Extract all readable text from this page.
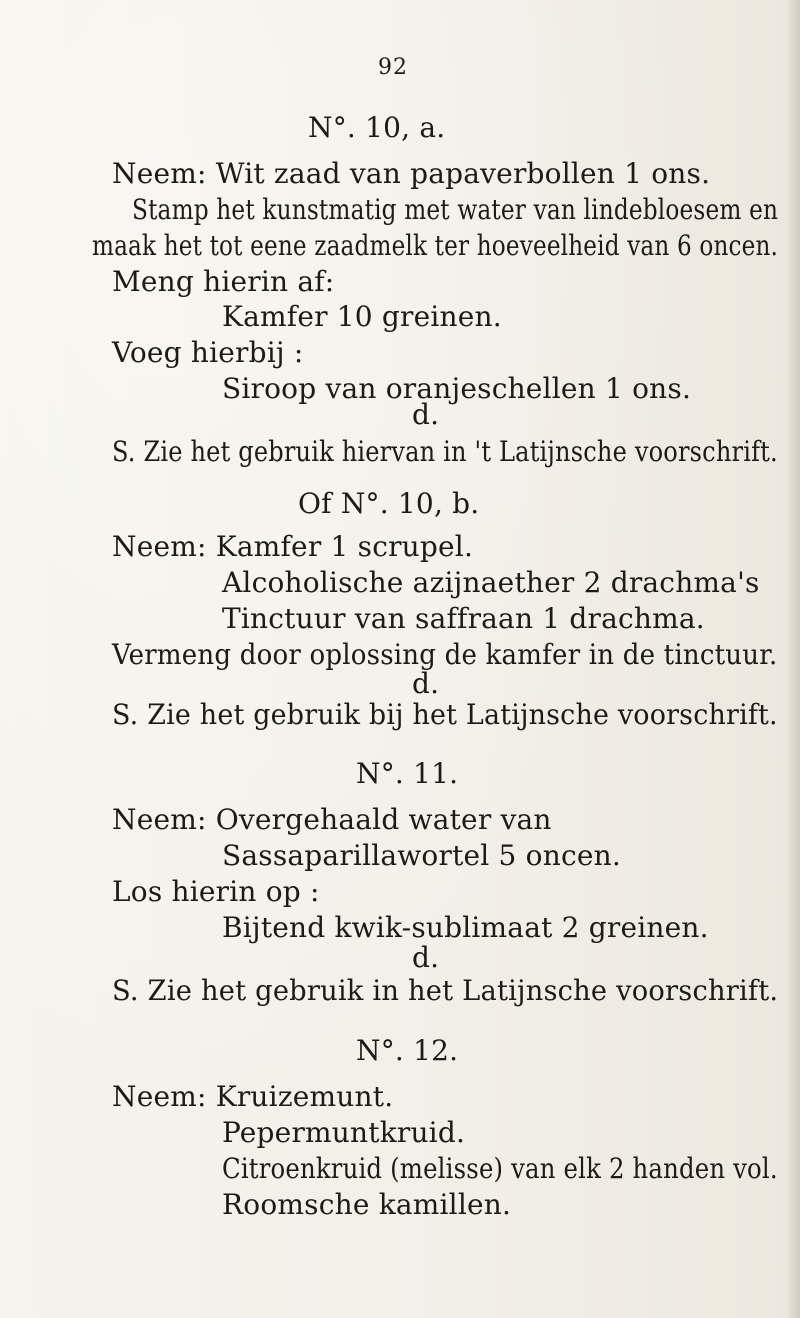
92
N°. 10, a.
Neem: Wit zaad van papaverbollen 1 ons.
Stamp het kunstmatig met water van lindebloesem en
maak het tot eene zaadmelk ter hoeveelheid van 6 oncen.
Meng hierin af:
Kamfer 10 greinen.
Voeg hierbij :
Siroop van oranjeschellen 1 ons.
d.
S. Zie het gebruik hiervan in 't Latijnsche voorschrift.
Of N°. 10, b.
Neem: Kamfer 1 scrupel.
Alcoholische azijnaether 2 drachma's
Tinctuur van saffraan 1 drachma.
Vermeng door oplossing de kamfer in de tinctuur.
d.
S. Zie het gebruik bij het Latijnsche voorschrift.
N°. 11.
Neem: Overgehaald water van
Sassaparillawortel 5 oncen.
Los hierin op :
Bijtend kwik-sublimaat 2 greinen.
d.
S. Zie het gebruik in het Latijnsche voorschrift.
N°. 12.
Neem: Kruizemunt.
Pepermuntkruid.
Citroenkruid (melisse) van elk 2 handen vol.
Roomsche kamillen.
